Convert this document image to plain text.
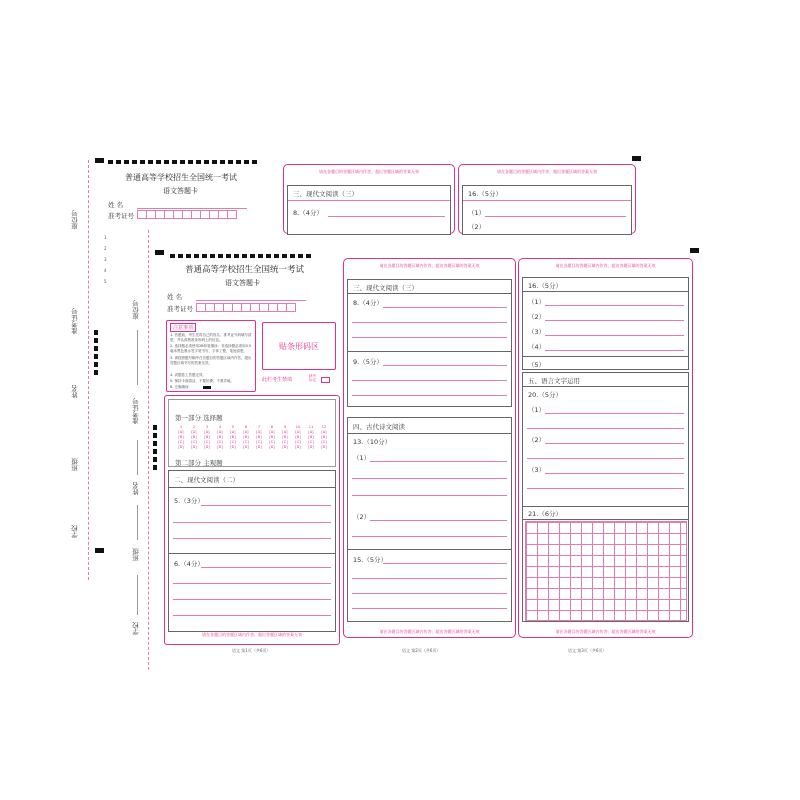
普通高等学校招生全国统一考试
语文答题卡
姓 名
准考证号
座位号
准考证号
姓名
班级
学校
1
2
3
4
5
请在各题目的答题区域内作答，超出答题区域的答案无效
三、现代文阅读（三）
8.（4分）
请在各题目的答题区域内作答，超出答题区域的答案无效
16.（5分）
（1）
（2）
座位号
准考证号
姓名
班级
学校
普通高等学校招生全国统一考试
语文答题卡
姓 名
准考证号
注意事项
1. 答题前，考生先将自己的姓名、准考证号码填写清楚，并认真核准条形码上的信息。
2. 选择题必须使用2B铅笔填涂；非选择题必须用0.5毫米黑色墨水签字笔书写，字体工整，笔迹清楚。
3. 请按照题号顺序在各题目的答题区域内作答，超出答题区域书写的答案无效。
4. 试题卷上答题无效。
5. 保持卡面清洁，不要折叠、不要弄破。
6. 正确填涂
贴条形码区
此栏考生禁填
缺考标记
第一部分 选择题
1
[A]
[B]
[C]
[D]
2
[A]
[B]
[C]
[D]
3
[A]
[B]
[C]
[D]
4
[A]
[B]
[C]
[D]
5
[A]
[B]
[C]
[D]
6
[A]
[B]
[C]
[D]
7
[A]
[B]
[C]
[D]
8
[A]
[B]
[C]
[D]
9
[A]
[B]
[C]
[D]
10
[A]
[B]
[C]
[D]
11
[A]
[B]
[C]
[D]
12
[A]
[B]
[C]
[D]
第二部分 主观题
二、现代文阅读（二）
5.（3分）
6.（4分）
请在各题目的答题区域内作答，超出答题区域的答案无效
三、现代文阅读（三）
8.（4分）
9.（5分）
四、古代诗文阅读
13.（10分）
（1）
（2）
15.（5分）
请在各题目的答题区域内作答，超出答题区域的答案无效
请在各题目的答题区域内作答，超出答题区域的答案无效
16.（5分）
（1）
（2）
（3）
（4）
（5）
五、语言文字运用
20.（5分）
（1）
（2）
（3）
21.（6分）
请在各题目的答题区域内作答，超出答题区域的答案无效
请在各题目的答题区域内作答，超出答题区域的答案无效
语文 第1页（共6页）	语文 第2页（共6页）	语文 第3页（共6页）
